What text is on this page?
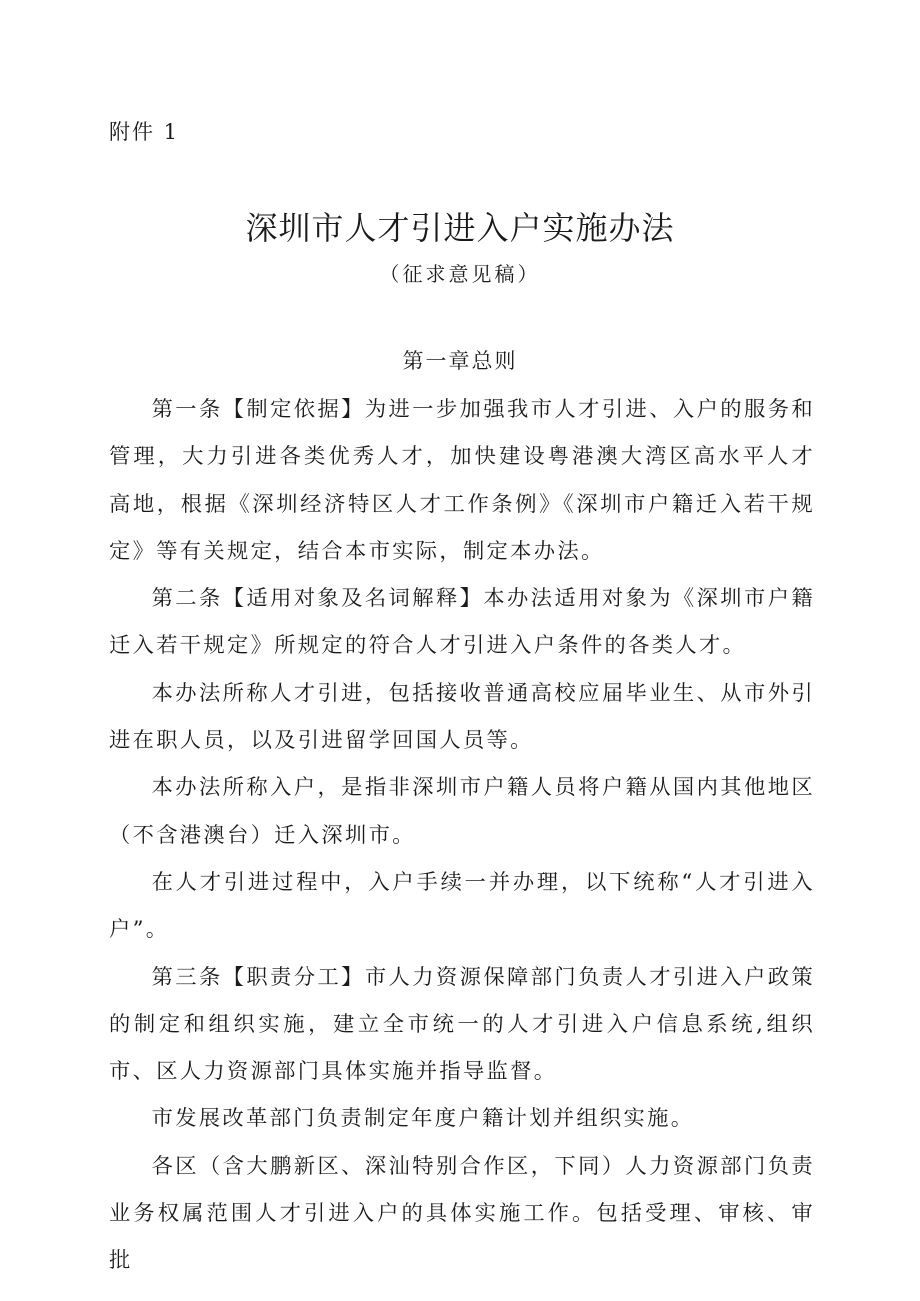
附件 1
深圳市人才引进入户实施办法
（征求意见稿）
第一章总则

第一条【制定依据】为进一步加强我市人才引进、入户的服务和管理，大力引进各类优秀人才，加快建设粤港澳大湾区高水平人才高地，根据《深圳经济特区人才工作条例》《深圳市户籍迁入若干规定》等有关规定，结合本市实际，制定本办法。

第二条【适用对象及名词解释】本办法适用对象为《深圳市户籍迁入若干规定》所规定的符合人才引进入户条件的各类人才。

本办法所称人才引进，包括接收普通高校应届毕业生、从市外引进在职人员，以及引进留学回国人员等。

本办法所称入户，是指非深圳市户籍人员将户籍从国内其他地区（不含港澳台）迁入深圳市。

在人才引进过程中，入户手续一并办理，以下统称“人才引进入户”。

第三条【职责分工】市人力资源保障部门负责人才引进入户政策的制定和组织实施，建立全市统一的人才引进入户信息系统,组织市、区人力资源部门具体实施并指导监督。

市发展改革部门负责制定年度户籍计划并组织实施。

各区（含大鹏新区、深汕特别合作区，下同）人力资源部门负责业务权属范围人才引进入户的具体实施工作。包括受理、审核、审批
